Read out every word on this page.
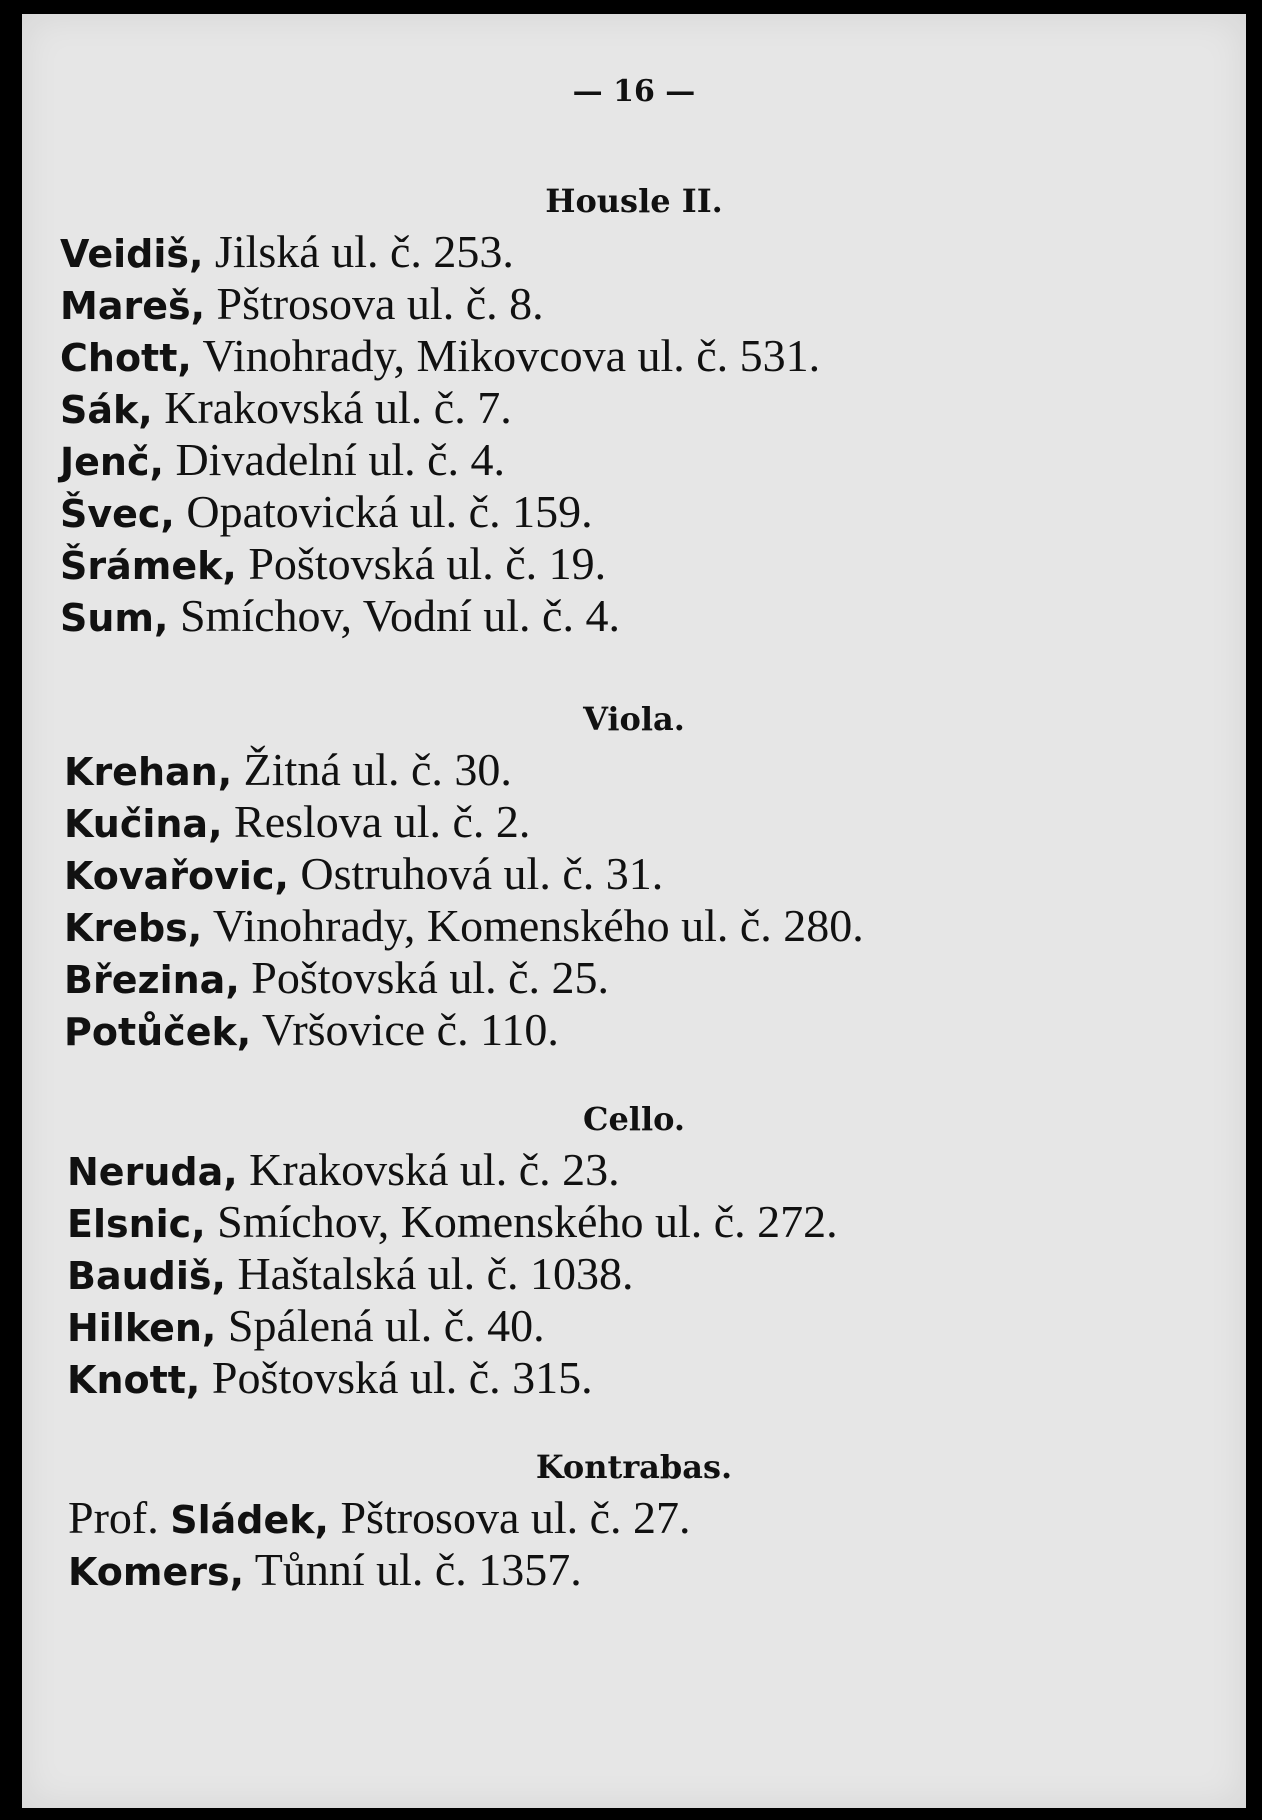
— 16 —

Housle II.
Veidiš, Jilská ul. č. 253.
Mareš, Pštrosova ul. č. 8.
Chott, Vinohrady, Mikovcova ul. č. 531.
Sák, Krakovská ul. č. 7.
Jenč, Divadelní ul. č. 4.
Švec, Opatovická ul. č. 159.
Šrámek, Poštovská ul. č. 19.
Sum, Smíchov, Vodní ul. č. 4.
Viola.
Krehan, Žitná ul. č. 30.
Kučina, Reslova ul. č. 2.
Kovařovic, Ostruhová ul. č. 31.
Krebs, Vinohrady, Komenského ul. č. 280.
Březina, Poštovská ul. č. 25.
Potůček, Vršovice č. 110.
Cello.
Neruda, Krakovská ul. č. 23.
Elsnic, Smíchov, Komenského ul. č. 272.
Baudiš, Haštalská ul. č. 1038.
Hilken, Spálená ul. č. 40.
Knott, Poštovská ul. č. 315.
Kontrabas.
Prof. Sládek, Pštrosova ul. č. 27.
Komers, Tůnní ul. č. 1357.
